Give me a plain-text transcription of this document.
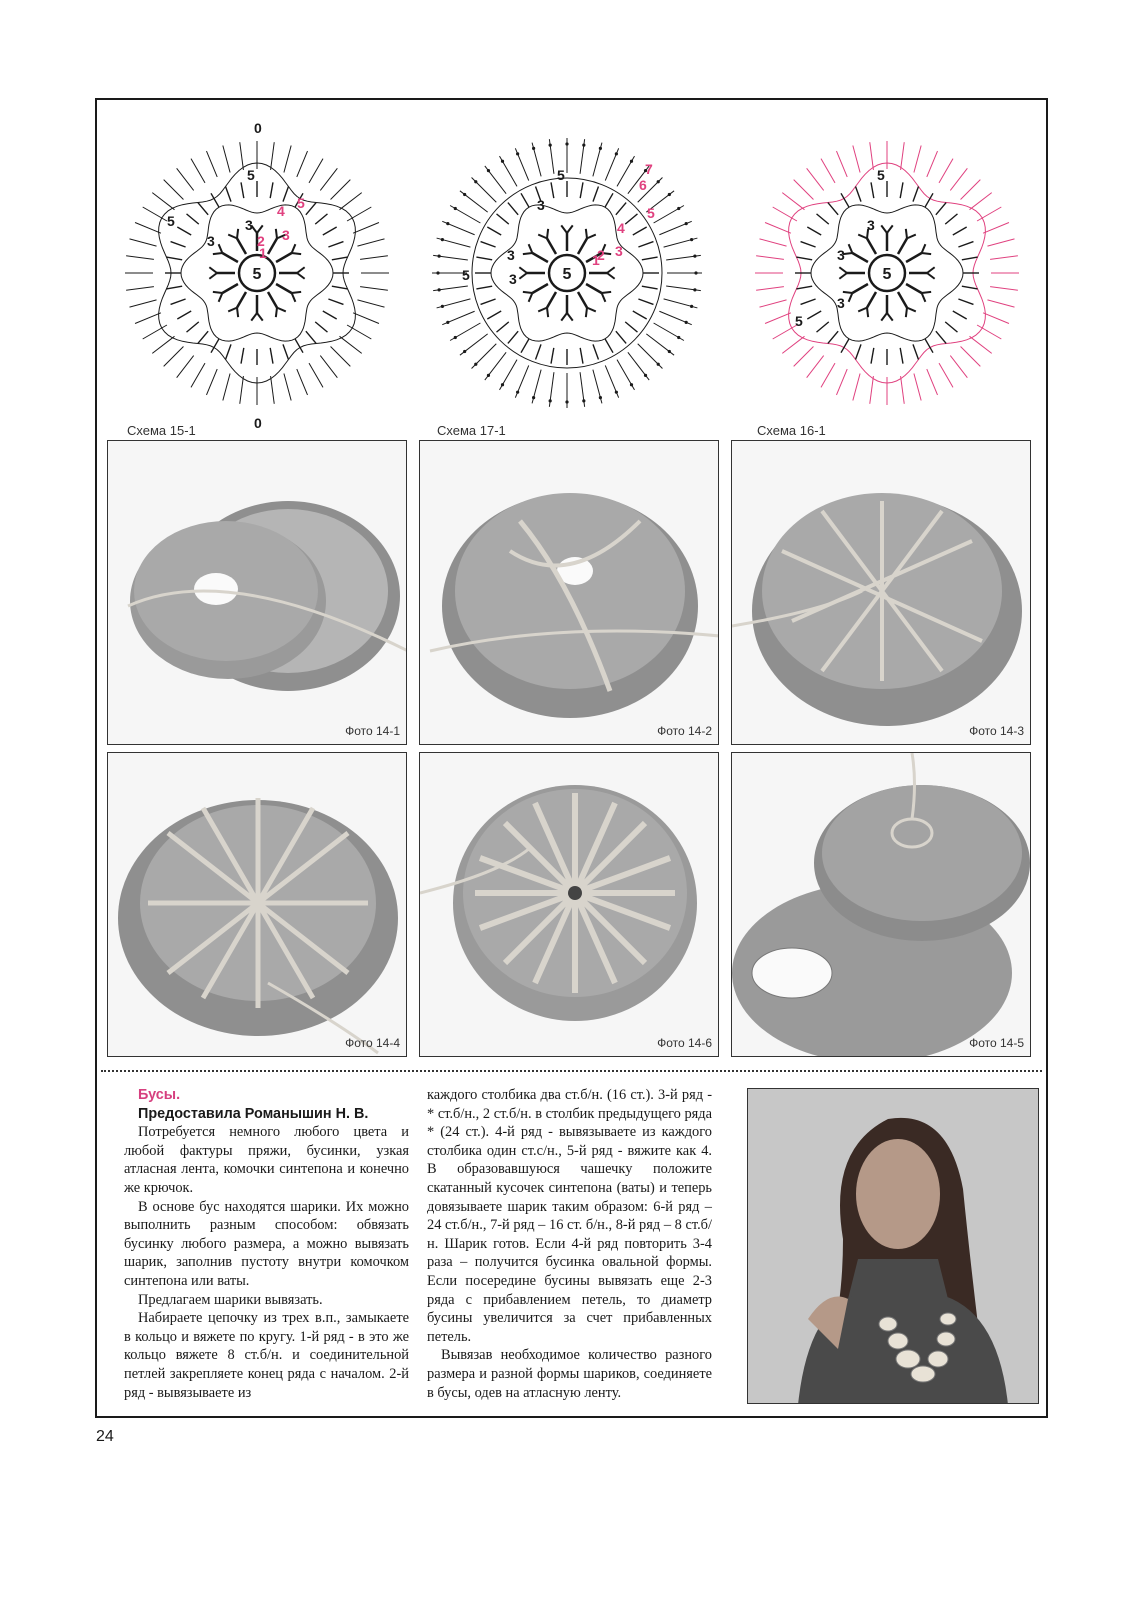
5
3
3
5
5
4
2 3
1
5
0
0
Схема 15-1
5
3
3
3
5
4
2 3
1
6
7
5
5
Схема 17-1
5
3
3
3
5
5
Схема 16-1
Фото 14-1	Фото 14-2	Фото 14-3
Фото 14-4	Фото 14-6	Фото 14-5

Бусы.

Предоставила Романышин Н. В.

Потребуется немного любого цвета и любой фактуры пряжи, бусинки, узкая атласная лента, комочки синтепона и конечно же крючок.

В основе бус находятся шарики. Их можно выполнить разным способом: обвязать бусинку любого размера, а можно вывязать шарик, заполнив пустоту внутри комочком синтепона или ваты.

Предлагаем шарики вывязать.

Набираете цепочку из трех в.п., замыкаете в кольцо и вяжете по кругу. 1-й ряд - в это же кольцо вяжете 8 ст.б/н. и соединительной петлей закрепляете конец ряда с началом. 2-й ряд - вывязываете из

каждого столбика два ст.б/н. (16 ст.). 3-й ряд - * ст.б/н., 2 ст.б/н. в столбик предыдущего ряда * (24 ст.). 4-й ряд - вывязываете из каждого столбика один ст.с/н., 5-й ряд - вяжите как 4. В образовавшуюся чашечку положите скатанный кусочек синтепона (ваты) и теперь довязываете шарик таким образом: 6-й ряд – 24 ст.б/н., 7-й ряд – 16 ст. б/н., 8-й ряд – 8 ст.б/н. Шарик готов. Если 4-й ряд повторить 3-4 раза – получится бусинка овальной формы. Если посередине бусины вывязать еще 2-3 ряда с прибавлением петель, то диаметр бусины увеличится за счет прибавленных петель.

Вывязав необходимое количество разного размера и разной формы шариков, соединяете в бусы, одев на атласную ленту.

24
